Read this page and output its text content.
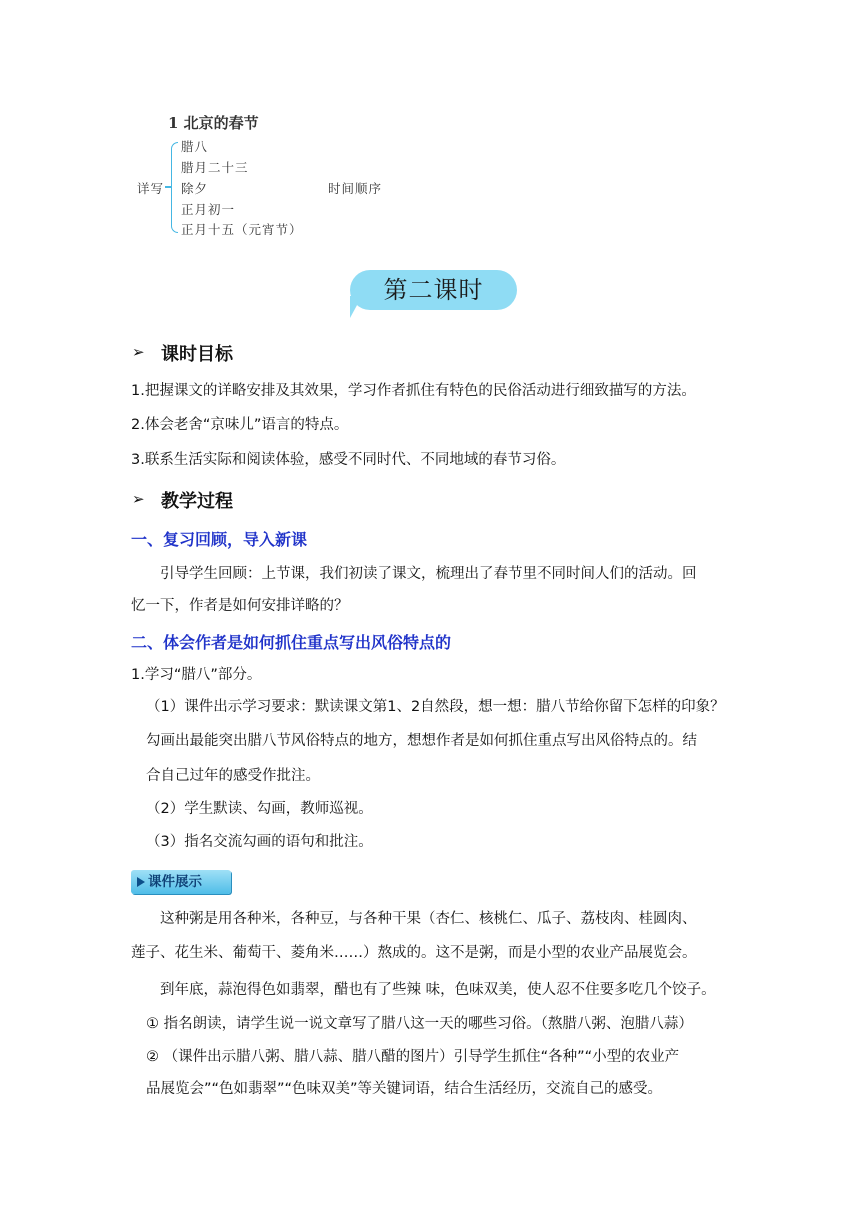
1 北京的春节
详写
腊八
腊月二十三
除夕
正月初一
正月十五（元宵节）
时间顺序
第二课时
➢ 课时目标
1.把握课文的详略安排及其效果，学习作者抓住有特色的民俗活动进行细致描写的方法。
2.体会老舍“京味儿”语言的特点。
3.联系生活实际和阅读体验，感受不同时代、不同地域的春节习俗。
➢ 教学过程
一、复习回顾，导入新课
引导学生回顾：上节课，我们初读了课文，梳理出了春节里不同时间人们的活动。回
忆一下，作者是如何安排详略的？
二、体会作者是如何抓住重点写出风俗特点的
1.学习“腊八”部分。
（1）课件出示学习要求：默读课文第1、2自然段，想一想：腊八节给你留下怎样的印象？
勾画出最能突出腊八节风俗特点的地方，想想作者是如何抓住重点写出风俗特点的。结
合自己过年的感受作批注。
（2）学生默读、勾画，教师巡视。
（3）指名交流勾画的语句和批注。
课件展示
这种粥是用各种米，各种豆，与各种干果（杏仁、核桃仁、瓜子、荔枝肉、桂圆肉、
莲子、花生米、葡萄干、菱角米……）熬成的。这不是粥，而是小型的农业产品展览会。
到年底，蒜泡得色如翡翠，醋也有了些辣 味，色味双美，使人忍不住要多吃几个饺子。
① 指名朗读，请学生说一说文章写了腊八这一天的哪些习俗。（熬腊八粥、泡腊八蒜）
② （课件出示腊八粥、腊八蒜、腊八醋的图片）引导学生抓住“各种”“小型的农业产
品展览会”“色如翡翠”“色味双美”等关键词语，结合生活经历，交流自己的感受。
